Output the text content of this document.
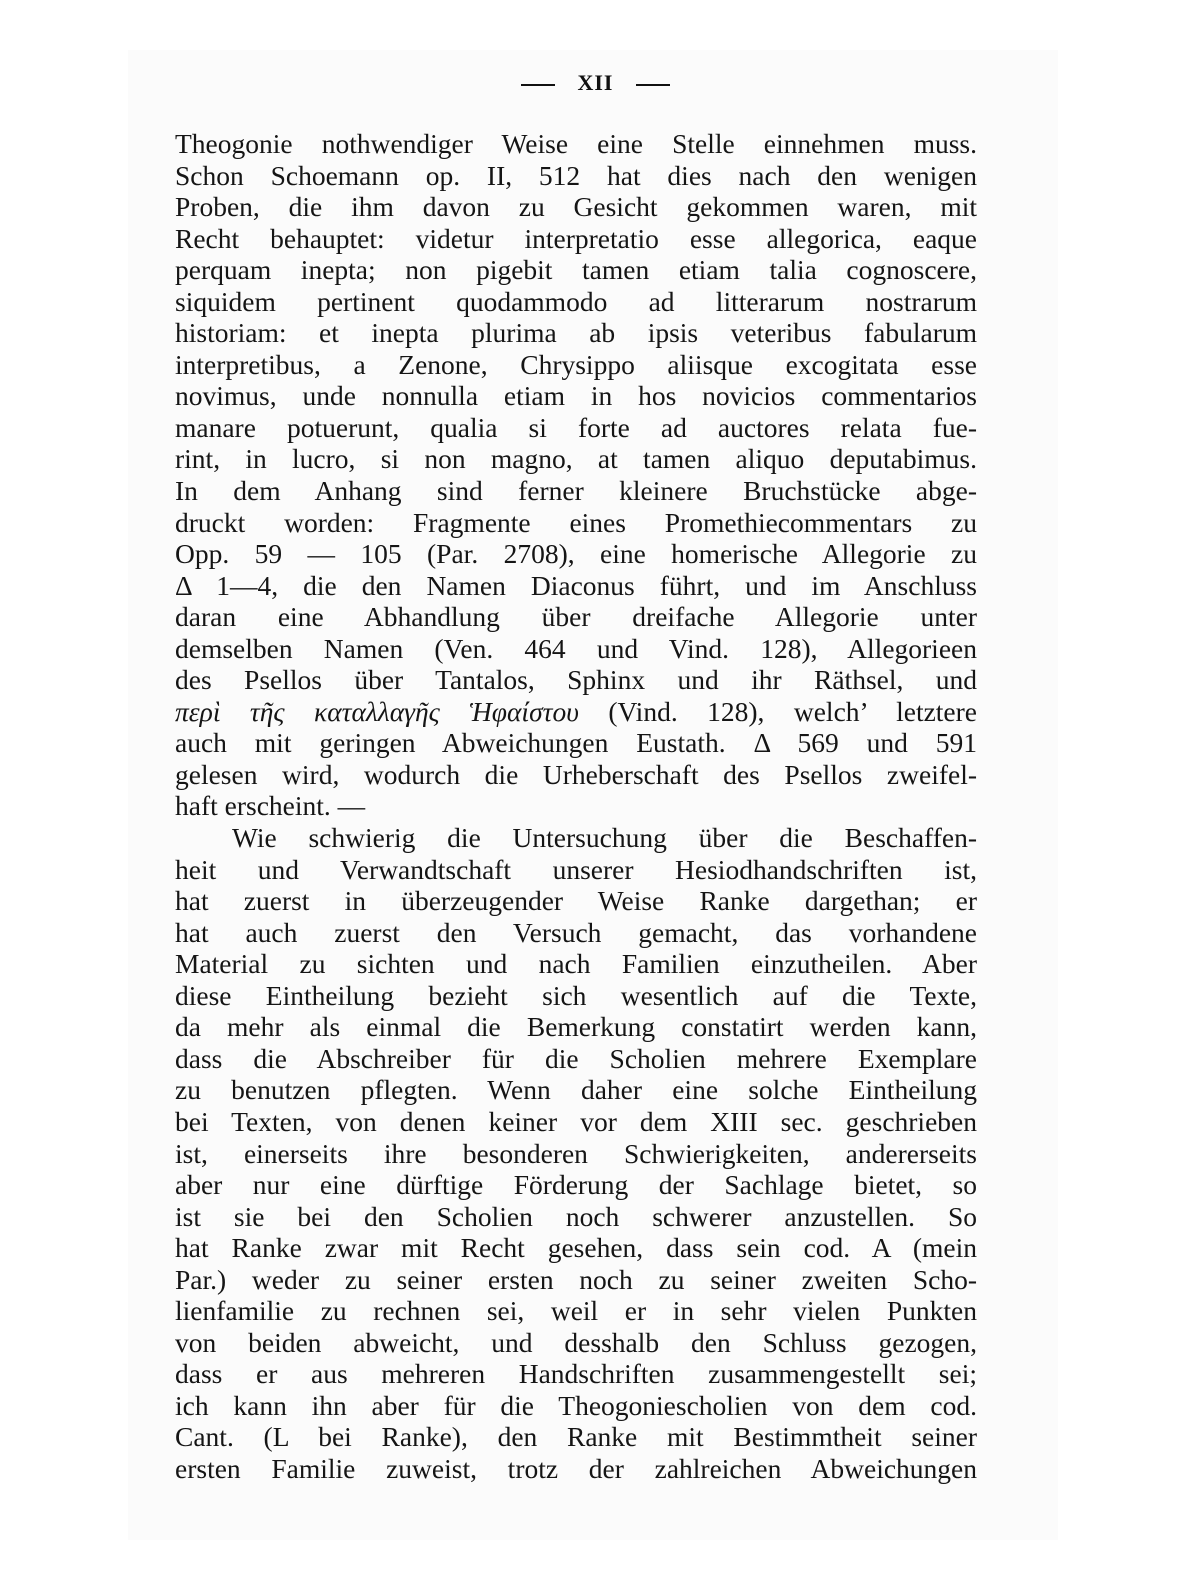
XII
Theogonie nothwendiger Weise eine Stelle einnehmen muss.
Schon Schoemann op. II, 512 hat dies nach den wenigen
Proben, die ihm davon zu Gesicht gekommen waren, mit
Recht behauptet: videtur interpretatio esse allegorica, eaque
perquam inepta; non pigebit tamen etiam talia cognoscere,
siquidem pertinent quodammodo ad litterarum nostrarum
historiam: et inepta plurima ab ipsis veteribus fabularum
interpretibus, a Zenone, Chrysippo aliisque excogitata esse
novimus, unde nonnulla etiam in hos novicios commentarios
manare potuerunt, qualia si forte ad auctores relata fue-
rint, in lucro, si non magno, at tamen aliquo deputabimus.
In dem Anhang sind ferner kleinere Bruchstücke abge-
druckt worden: Fragmente eines Promethiecommentars zu
Opp. 59 — 105 (Par. 2708), eine homerische Allegorie zu
Δ 1—4, die den Namen Diaconus führt, und im Anschluss
daran eine Abhandlung über dreifache Allegorie unter
demselben Namen (Ven. 464 und Vind. 128), Allegorieen
des Psellos über Tantalos, Sphinx und ihr Räthsel, und
περὶ τῆς καταλλαγῆς Ἡφαίστου (Vind. 128), welch’ letztere
auch mit geringen Abweichungen Eustath. Δ 569 und 591
gelesen wird, wodurch die Urheberschaft des Psellos zweifel-
haft erscheint. —
Wie schwierig die Untersuchung über die Beschaffen-
heit und Verwandtschaft unserer Hesiodhandschriften ist,
hat zuerst in überzeugender Weise Ranke dargethan; er
hat auch zuerst den Versuch gemacht, das vorhandene
Material zu sichten und nach Familien einzutheilen. Aber
diese Eintheilung bezieht sich wesentlich auf die Texte,
da mehr als einmal die Bemerkung constatirt werden kann,
dass die Abschreiber für die Scholien mehrere Exemplare
zu benutzen pflegten. Wenn daher eine solche Eintheilung
bei Texten, von denen keiner vor dem XIII sec. geschrieben
ist, einerseits ihre besonderen Schwierigkeiten, andererseits
aber nur eine dürftige Förderung der Sachlage bietet, so
ist sie bei den Scholien noch schwerer anzustellen. So
hat Ranke zwar mit Recht gesehen, dass sein cod. A (mein
Par.) weder zu seiner ersten noch zu seiner zweiten Scho-
lienfamilie zu rechnen sei, weil er in sehr vielen Punkten
von beiden abweicht, und desshalb den Schluss gezogen,
dass er aus mehreren Handschriften zusammengestellt sei;
ich kann ihn aber für die Theogoniescholien von dem cod.
Cant. (L bei Ranke), den Ranke mit Bestimmtheit seiner
ersten Familie zuweist, trotz der zahlreichen Abweichungen
